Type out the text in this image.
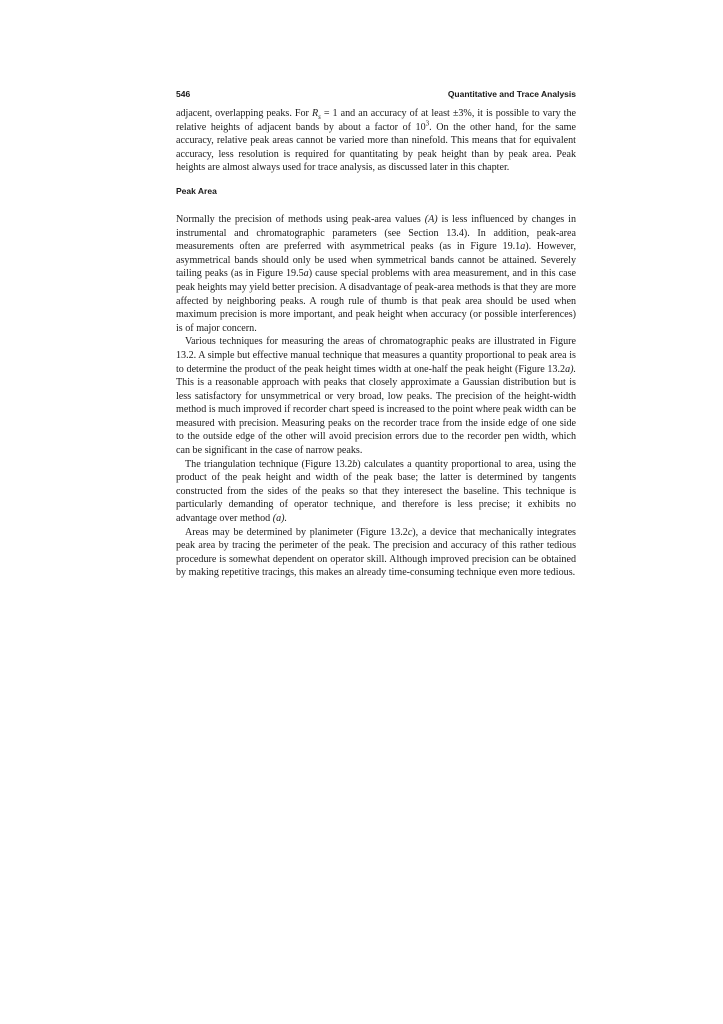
546	Quantitative and Trace Analysis

adjacent, overlapping peaks. For $R_s = 1$ and an accuracy of at least ±3%, it is possible to vary the relative heights of adjacent bands by about a factor of $10^3$. On the other hand, for the same accuracy, relative peak areas cannot be varied more than ninefold. This means that for equivalent accuracy, less resolution is required for quantitating by peak height than by peak area. Peak heights are almost always used for trace analysis, as discussed later in this chapter.

Peak Area

Normally the precision of methods using peak-area values (A) is less influenced by changes in instrumental and chromatographic parameters (see Section 13.4). In addition, peak-area measurements often are preferred with asymmetrical peaks (as in Figure 19.1a). However, asymmetrical bands should only be used when symmetrical bands cannot be attained. Severely tailing peaks (as in Figure 19.5a) cause special problems with area measurement, and in this case peak heights may yield better precision. A disadvantage of peak-area methods is that they are more affected by neighboring peaks. A rough rule of thumb is that peak area should be used when maximum precision is more important, and peak height when accuracy (or possible interferences) is of major concern.

Various techniques for measuring the areas of chromatographic peaks are illustrated in Figure 13.2. A simple but effective manual technique that measures a quantity proportional to peak area is to determine the product of the peak height times width at one-half the peak height (Figure 13.2a). This is a reasonable approach with peaks that closely approximate a Gaussian distribution but is less satisfactory for unsymmetrical or very broad, low peaks. The precision of the height-width method is much improved if recorder chart speed is increased to the point where peak width can be measured with precision. Measuring peaks on the recorder trace from the inside edge of one side to the outside edge of the other will avoid precision errors due to the recorder pen width, which can be significant in the case of narrow peaks.

The triangulation technique (Figure 13.2b) calculates a quantity proportional to area, using the product of the peak height and width of the peak base; the latter is determined by tangents constructed from the sides of the peaks so that they interesect the baseline. This technique is particularly demanding of operator technique, and therefore is less precise; it exhibits no advantage over method (a).

Areas may be determined by planimeter (Figure 13.2c), a device that mechanically integrates peak area by tracing the perimeter of the peak. The precision and accuracy of this rather tedious procedure is somewhat dependent on operator skill. Although improved precision can be obtained by making repetitive tracings, this makes an already time-consuming technique even more tedious.
